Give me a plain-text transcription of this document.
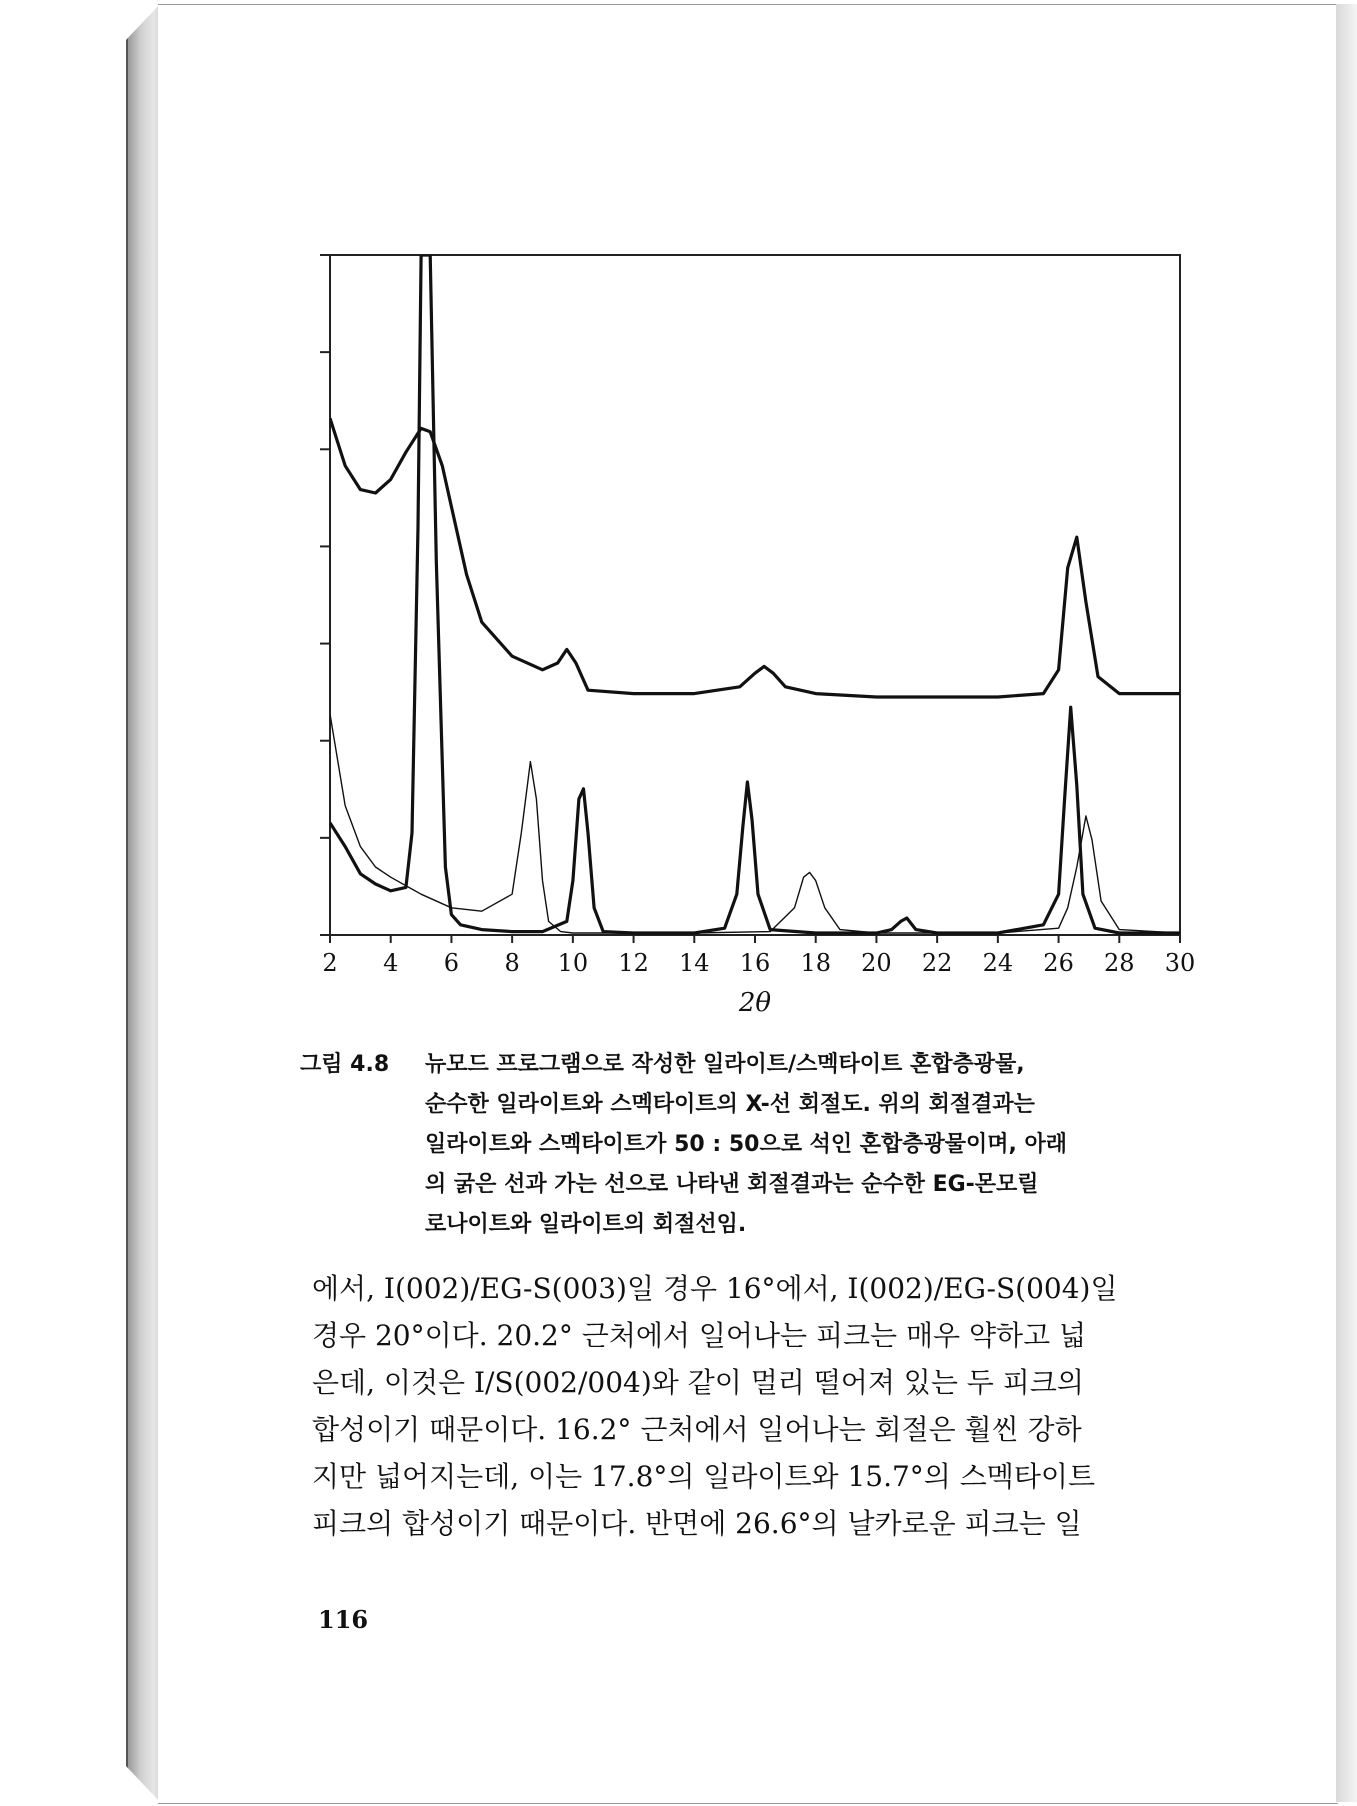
2 4 6 8 10 12 14 16 18 20 22 24 26 28 30
2θ
그림 4.8	뉴모드 프로그램으로 작성한 일라이트/스멕타이트 혼합층광물,
순수한 일라이트와 스멕타이트의 X-선 회절도. 위의 회절결과는
일라이트와 스멕타이트가 50 : 50으로 석인 혼합층광물이며, 아래
의 굵은 선과 가는 선으로 나타낸 회절결과는 순수한 EG-몬모릴
로나이트와 일라이트의 회절선임.
에서, I(002)/EG-S(003)일 경우 16°에서, I(002)/EG-S(004)일
경우 20°이다. 20.2° 근처에서 일어나는 피크는 매우 약하고 넓
은데, 이것은 I/S(002/004)와 같이 멀리 떨어져 있는 두 피크의
합성이기 때문이다. 16.2° 근처에서 일어나는 회절은 훨씬 강하
지만 넓어지는데, 이는 17.8°의 일라이트와 15.7°의 스멕타이트
피크의 합성이기 때문이다. 반면에 26.6°의 날카로운 피크는 일
116
